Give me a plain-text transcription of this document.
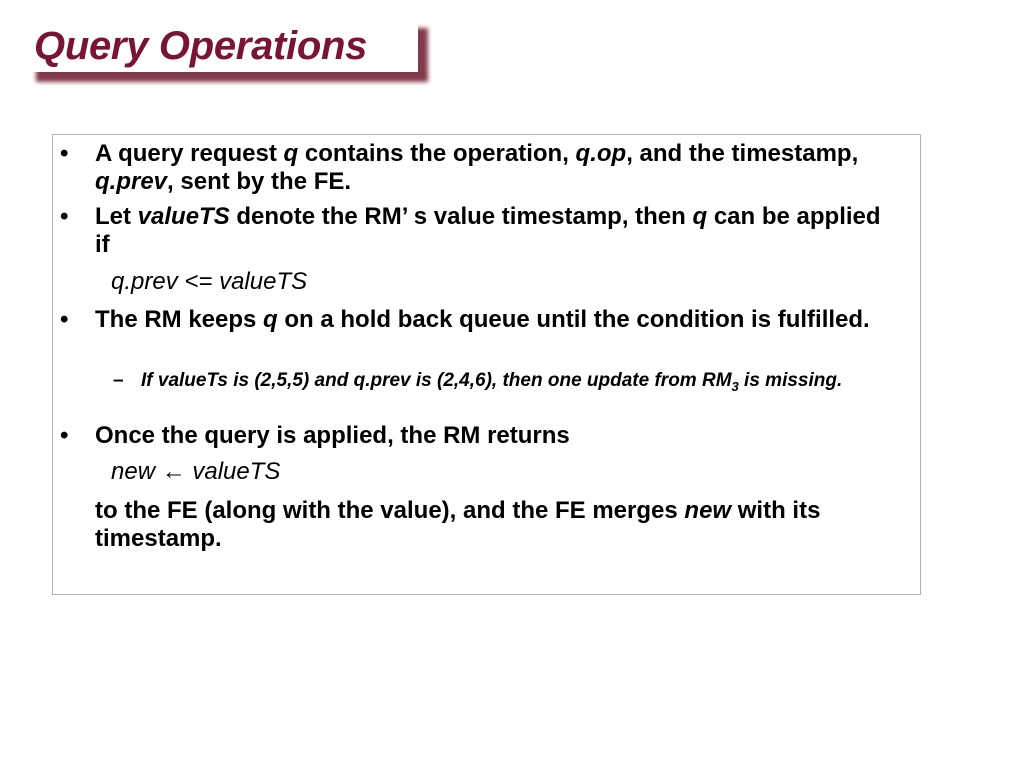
Query Operations
• A query request q contains the operation, q.op, and the timestamp, q.prev, sent by the FE.
• Let valueTS denote the RM’ s value timestamp, then q can be applied if
q.prev <= valueTS
• The RM keeps q on a hold back queue until the condition is fulfilled.
– If valueTs is (2,5,5) and q.prev is (2,4,6), then one update from $RM_3$ is missing.
• Once the query is applied, the RM returns
new ← valueTS
to the FE (along with the value), and the FE merges new with its timestamp.
